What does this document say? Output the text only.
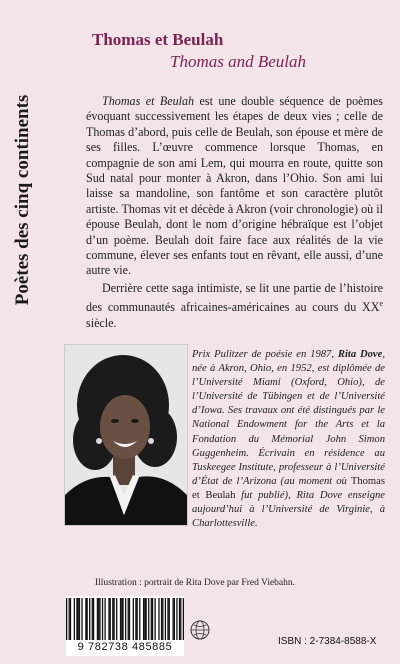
Poètes des cinq continents
Thomas et Beulah
Thomas and Beulah

Thomas et Beulah est une double séquence de poèmes évoquant successivement les étapes de deux vies ; celle de Thomas d’abord, puis celle de Beulah, son épouse et mère de ses filles. L’œuvre commence lorsque Thomas, en compagnie de son ami Lem, qui mourra en route, quitte son Sud natal pour monter à Akron, dans l’Ohio. Son ami lui laisse sa mandoline, son fantôme et son caractère plutôt artiste. Thomas vit et décède à Akron (voir chronologie) où il épouse Beulah, dont le nom d’origine hébraïque est l’objet d’un poème. Beulah doit faire face aux réalités de la vie commune, élever ses enfants tout en rêvant, elle aussi, d’une autre vie.

Derrière cette saga intimiste, se lit une partie de l’histoire des communautés africaines-américaines au cours du XXe siècle.

Prix Pulitzer de poésie en 1987, Rita Dove, née à Akron, Ohio, en 1952, est diplômée de l’Université Miami (Oxford, Ohio), de l’Université de Tübingen et de l’Université d’Iowa. Ses travaux ont été distingués par le National Endowment for the Arts et la Fondation du Mémorial John Simon Guggenheim. Écrivain en résidence au Tuskeegee Institute, professeur à l’Université d’État de l’Arizona (au moment où Thomas et Beulah fut publié), Rita Dove enseigne aujourd’hui à l’Université de Virginie, à Charlottesville.
Illustration : portrait de Rita Dove par Fred Viebahn.
9 782738 485885	ISBN : 2-7384-8588-X
